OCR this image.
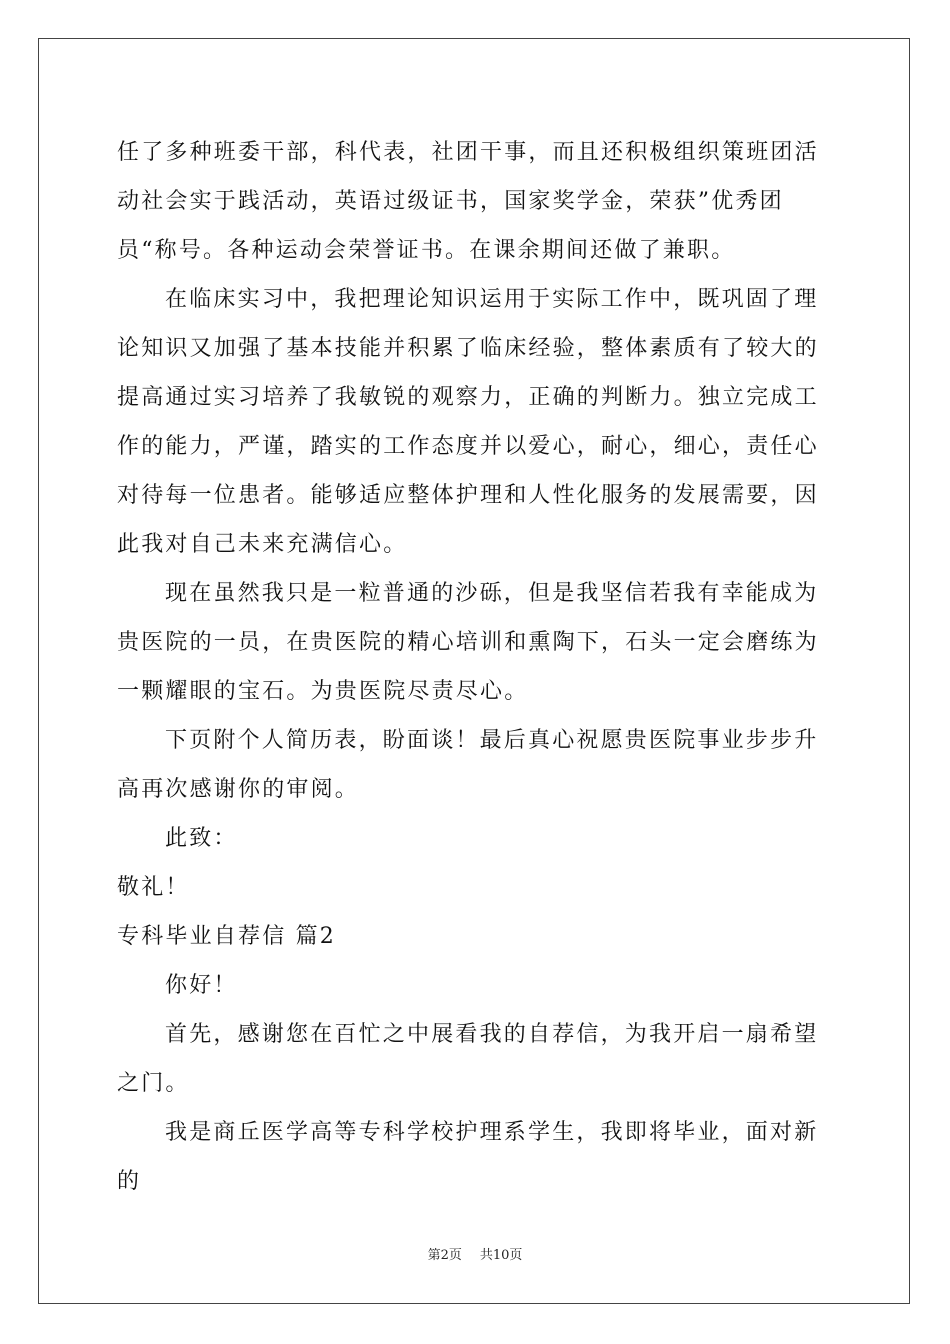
任了多种班委干部，科代表，社团干事，而且还积极组织策班团活动社会实于践活动，英语过级证书，国家奖学金，荣获”优秀团员“称号。各种运动会荣誉证书。在课余期间还做了兼职。

在临床实习中，我把理论知识运用于实际工作中，既巩固了理论知识又加强了基本技能并积累了临床经验，整体素质有了较大的提高通过实习培养了我敏锐的观察力，正确的判断力。独立完成工作的能力，严谨，踏实的工作态度并以爱心，耐心，细心，责任心对待每一位患者。能够适应整体护理和人性化服务的发展需要，因此我对自己未来充满信心。

现在虽然我只是一粒普通的沙砾，但是我坚信若我有幸能成为贵医院的一员，在贵医院的精心培训和熏陶下，石头一定会磨练为一颗耀眼的宝石。为贵医院尽责尽心。

下页附个人简历表，盼面谈！最后真心祝愿贵医院事业步步升高再次感谢你的审阅。

此致：

敬礼！

专科毕业自荐信 篇2

你好！

首先，感谢您在百忙之中展看我的自荐信，为我开启一扇希望之门。

我是商丘医学高等专科学校护理系学生，我即将毕业，面对新的

第2页 共10页
